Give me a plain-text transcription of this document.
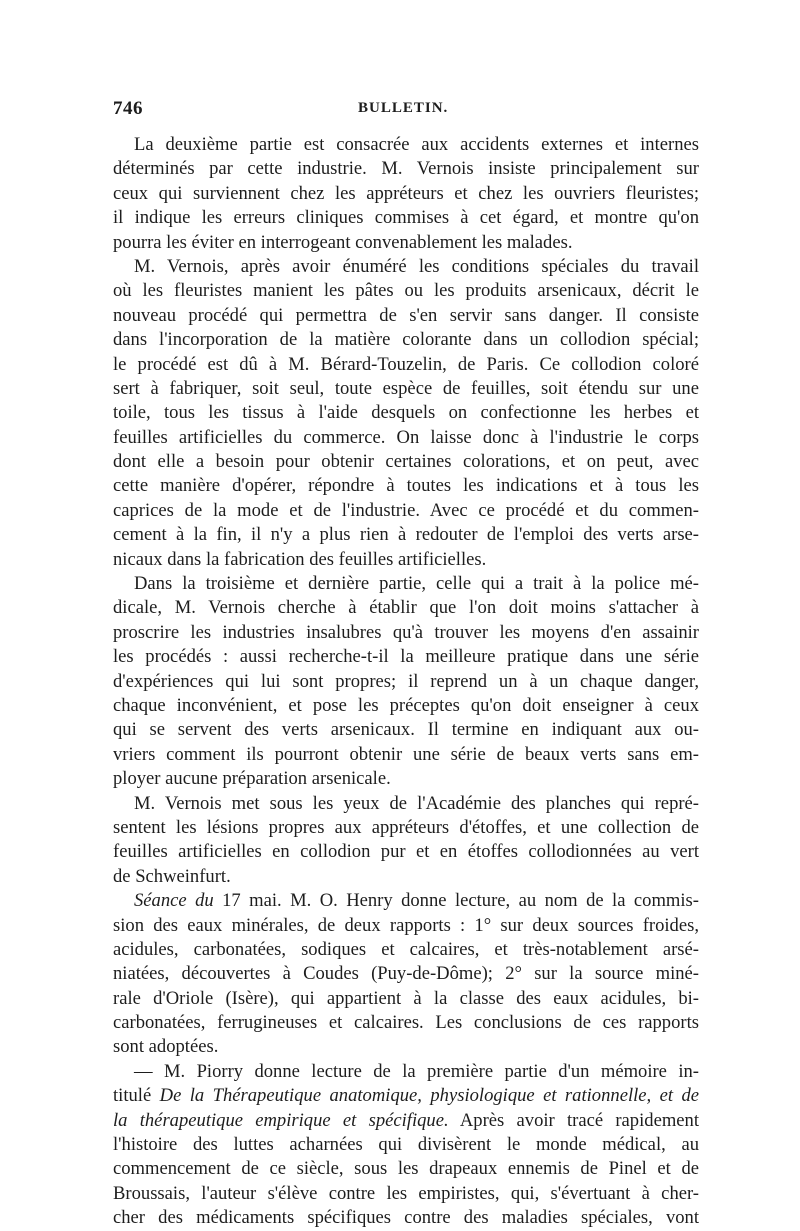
746	BULLETIN.
La deuxième partie est consacrée aux accidents externes et internes
déterminés par cette industrie. M. Vernois insiste principalement sur
ceux qui surviennent chez les appréteurs et chez les ouvriers fleuristes;
il indique les erreurs cliniques commises à cet égard, et montre qu'on
pourra les éviter en interrogeant convenablement les malades.
M. Vernois, après avoir énuméré les conditions spéciales du travail
où les fleuristes manient les pâtes ou les produits arsenicaux, décrit le
nouveau procédé qui permettra de s'en servir sans danger. Il consiste
dans l'incorporation de la matière colorante dans un collodion spécial;
le procédé est dû à M. Bérard-Touzelin, de Paris. Ce collodion coloré
sert à fabriquer, soit seul, toute espèce de feuilles, soit étendu sur une
toile, tous les tissus à l'aide desquels on confectionne les herbes et
feuilles artificielles du commerce. On laisse donc à l'industrie le corps
dont elle a besoin pour obtenir certaines colorations, et on peut, avec
cette manière d'opérer, répondre à toutes les indications et à tous les
caprices de la mode et de l'industrie. Avec ce procédé et du commen-
cement à la fin, il n'y a plus rien à redouter de l'emploi des verts arse-
nicaux dans la fabrication des feuilles artificielles.
Dans la troisième et dernière partie, celle qui a trait à la police mé-
dicale, M. Vernois cherche à établir que l'on doit moins s'attacher à
proscrire les industries insalubres qu'à trouver les moyens d'en assainir
les procédés : aussi recherche-t-il la meilleure pratique dans une série
d'expériences qui lui sont propres; il reprend un à un chaque danger,
chaque inconvénient, et pose les préceptes qu'on doit enseigner à ceux
qui se servent des verts arsenicaux. Il termine en indiquant aux ou-
vriers comment ils pourront obtenir une série de beaux verts sans em-
ployer aucune préparation arsenicale.
M. Vernois met sous les yeux de l'Académie des planches qui repré-
sentent les lésions propres aux appréteurs d'étoffes, et une collection de
feuilles artificielles en collodion pur et en étoffes collodionnées au vert
de Schweinfurt.
Séance du 17 mai. M. O. Henry donne lecture, au nom de la commis-
sion des eaux minérales, de deux rapports : 1° sur deux sources froides,
acidules, carbonatées, sodiques et calcaires, et très-notablement arsé-
niatées, découvertes à Coudes (Puy-de-Dôme); 2° sur la source miné-
rale d'Oriole (Isère), qui appartient à la classe des eaux acidules, bi-
carbonatées, ferrugineuses et calcaires. Les conclusions de ces rapports
sont adoptées.
— M. Piorry donne lecture de la première partie d'un mémoire in-
titulé De la Thérapeutique anatomique, physiologique et rationnelle, et de
la thérapeutique empirique et spécifique. Après avoir tracé rapidement
l'histoire des luttes acharnées qui divisèrent le monde médical, au
commencement de ce siècle, sous les drapeaux ennemis de Pinel et de
Broussais, l'auteur s'élève contre les empiristes, qui, s'évertuant à cher-
cher des médicaments spécifiques contre des maladies spéciales, vont
